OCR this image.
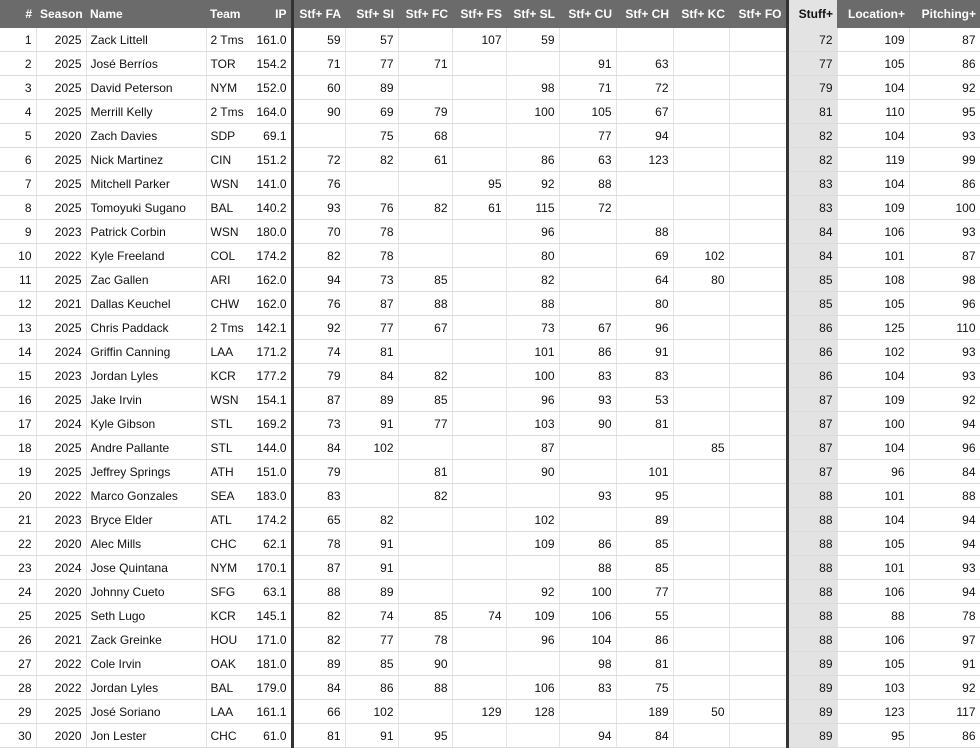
#	Season	Name	Team	IP	Stf+ FA	Stf+ SI	Stf+ FC	Stf+ FS	Stf+ SL	Stf+ CU	Stf+ CH	Stf+ KC	Stf+ FO	Stuff+	Location+	Pitching+
1	2025	Zack Littell	2 Tms	161.0	59	57		107	59					72	109	87
2	2025	José Berríos	TOR	154.2	71	77	71			91	63			77	105	86
3	2025	David Peterson	NYM	152.0	60	89			98	71	72			79	104	92
4	2025	Merrill Kelly	2 Tms	164.0	90	69	79		100	105	67			81	110	95
5	2020	Zach Davies	SDP	69.1		75	68			77	94			82	104	93
6	2025	Nick Martinez	CIN	151.2	72	82	61		86	63	123			82	119	99
7	2025	Mitchell Parker	WSN	141.0	76			95	92	88				83	104	86
8	2025	Tomoyuki Sugano	BAL	140.2	93	76	82	61	115	72				83	109	100
9	2023	Patrick Corbin	WSN	180.0	70	78			96		88			84	106	93
10	2022	Kyle Freeland	COL	174.2	82	78			80		69	102		84	101	87
11	2025	Zac Gallen	ARI	162.0	94	73	85		82		64	80		85	108	98
12	2021	Dallas Keuchel	CHW	162.0	76	87	88		88		80			85	105	96
13	2025	Chris Paddack	2 Tms	142.1	92	77	67		73	67	96			86	125	110
14	2024	Griffin Canning	LAA	171.2	74	81			101	86	91			86	102	93
15	2023	Jordan Lyles	KCR	177.2	79	84	82		100	83	83			86	104	93
16	2025	Jake Irvin	WSN	154.1	87	89	85		96	93	53			87	109	92
17	2024	Kyle Gibson	STL	169.2	73	91	77		103	90	81			87	100	94
18	2025	Andre Pallante	STL	144.0	84	102			87			85		87	104	96
19	2025	Jeffrey Springs	ATH	151.0	79		81		90		101			87	96	84
20	2022	Marco Gonzales	SEA	183.0	83		82			93	95			88	101	88
21	2023	Bryce Elder	ATL	174.2	65	82			102		89			88	104	94
22	2020	Alec Mills	CHC	62.1	78	91			109	86	85			88	105	94
23	2024	Jose Quintana	NYM	170.1	87	91				88	85			88	101	93
24	2020	Johnny Cueto	SFG	63.1	88	89			92	100	77			88	106	94
25	2025	Seth Lugo	KCR	145.1	82	74	85	74	109	106	55			88	88	78
26	2021	Zack Greinke	HOU	171.0	82	77	78		96	104	86			88	106	97
27	2022	Cole Irvin	OAK	181.0	89	85	90			98	81			89	105	91
28	2022	Jordan Lyles	BAL	179.0	84	86	88		106	83	75			89	103	92
29	2025	José Soriano	LAA	161.1	66	102		129	128		189	50		89	123	117
30	2020	Jon Lester	CHC	61.0	81	91	95			94	84			89	95	86
